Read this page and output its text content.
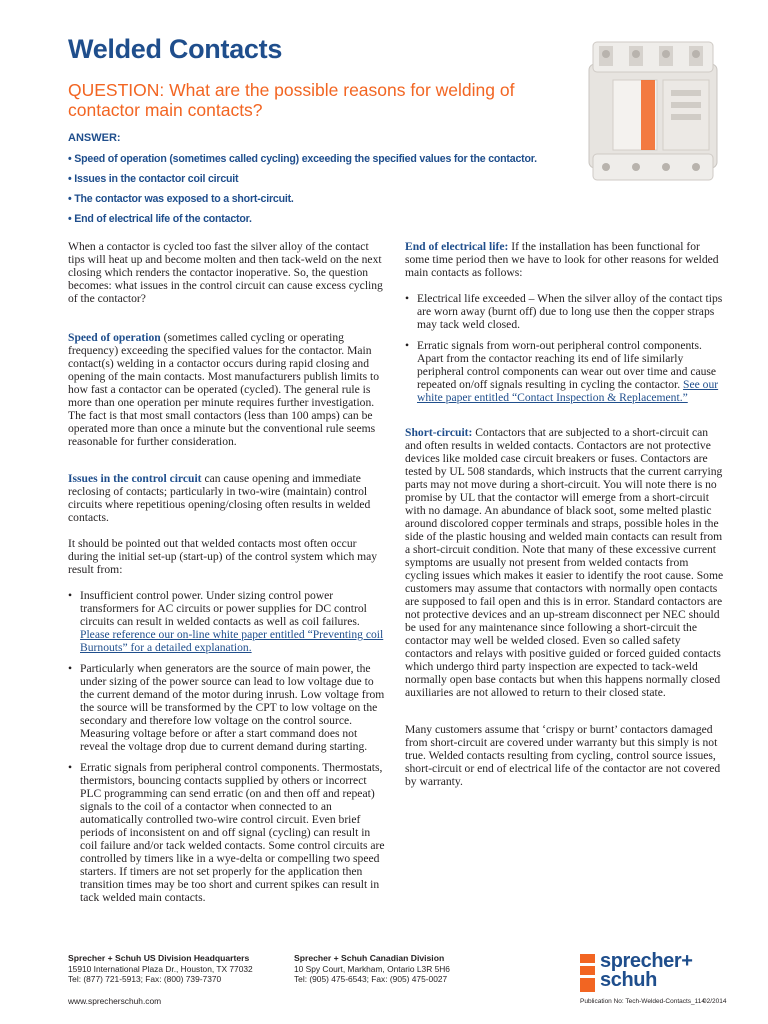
Welded Contacts

QUESTION: What are the possible reasons for welding of contactor main contacts?

ANSWER:
• Speed of operation (sometimes called cycling) exceeding the specified values for the contactor.
• Issues in the contactor coil circuit
• The contactor was exposed to a short-circuit.
• End of electrical life of the contactor.

When a contactor is cycled too fast the silver alloy of the contact tips will heat up and become molten and then tack-weld on the next closing which renders the contactor inoperative. So, the question becomes: what issues in the control circuit can cause excess cycling of the contactor?

Speed of operation (sometimes called cycling or operating frequency) exceeding the specified values for the contactor. Main contact(s) welding in a contactor occurs during rapid closing and opening of the main contacts. Most manufacturers publish limits to how fast a contactor can be operated (cycled). The general rule is more than one operation per minute requires further investigation. The fact is that most small contactors (less than 100 amps) can be operated more than once a minute but the conventional rule seems reasonable for further consideration.

Issues in the control circuit can cause opening and immediate reclosing of contacts; particularly in two-wire (maintain) control circuits where repetitious opening/closing often results in welded contacts.

It should be pointed out that welded contacts most often occur during the initial set-up (start-up) of the control system which may result from:

• Insufficient control power. Under sizing control power transformers for AC circuits or power supplies for DC control circuits can result in welded contacts as well as coil failures. Please reference our on-line white paper entitled “Preventing coil Burnouts” for a detailed explanation.
• Particularly when generators are the source of main power, the under sizing of the power source can lead to low voltage due to the current demand of the motor during inrush. Low voltage from the source will be transformed by the CPT to low voltage on the secondary and therefore low voltage on the control source. Measuring voltage before or after a start command does not reveal the voltage drop due to current demand during starting.
• Erratic signals from peripheral control components. Thermostats, thermistors, bouncing contacts supplied by others or incorrect PLC programming can send erratic (on and then off and repeat) signals to the coil of a contactor when connected to an automatically controlled two-wire control circuit. Even brief periods of inconsistent on and off signal (cycling) can result in coil failure and/or tack welded contacts. Some control circuits are controlled by timers like in a wye-delta or compelling two speed starters. If timers are not set properly for the application then transition times may be too short and current spikes can result in tack welded main contacts.

End of electrical life: If the installation has been functional for some time period then we have to look for other reasons for welded main contacts as follows:

• Electrical life exceeded – When the silver alloy of the contact tips are worn away (burnt off) due to long use then the copper straps may tack weld closed.
• Erratic signals from worn-out peripheral control components. Apart from the contactor reaching its end of life similarly peripheral control components can wear out over time and cause repeated on/off signals resulting in cycling the contactor. See our white paper entitled “Contact Inspection & Replacement.”

Short-circuit: Contactors that are subjected to a short-circuit can and often results in welded contacts. Contactors are not protective devices like molded case circuit breakers or fuses. Contactors are tested by UL 508 standards, which instructs that the current carrying parts may not move during a short-circuit. You will note there is no promise by UL that the contactor will emerge from a short-circuit with no damage. An abundance of black soot, some melted plastic around discolored copper terminals and straps, possible holes in the side of the plastic housing and welded main contacts can result from a short-circuit condition. Note that many of these excessive current symptoms are usually not present from welded contacts from cycling issues which makes it easier to identify the root cause. Some customers may assume that contactors with normally open contacts are supposed to fail open and this is in error. Standard contactors are not protective devices and an up-stream disconnect per NEC should be used for any maintenance since following a short-circuit the contactor may well be welded closed. Even so called safety contactors and relays with positive guided or forced guided contacts which undergo third party inspection are expected to tack-weld normally open base contacts but when this happens normally closed auxiliaries are not allowed to return to their closed state.

Many customers assume that ‘crispy or burnt’ contactors damaged from short-circuit are covered under warranty but this simply is not true. Welded contacts resulting from cycling, control source issues, short-circuit or end of electrical life of the contactor are not covered by warranty.

Sprecher + Schuh US Division Headquarters
15910 International Plaza Dr., Houston, TX 77032
Tel: (877) 721-5913; Fax: (800) 739-7370
Sprecher + Schuh Canadian Division
10 Spy Court, Markham, Ontario L3R 5H6
Tel: (905) 475-6543; Fax: (905) 475-0027
www.sprecherschuh.com
sprecher+
schuh
Publication No: Tech-Welded-Contacts_114
02/2014
